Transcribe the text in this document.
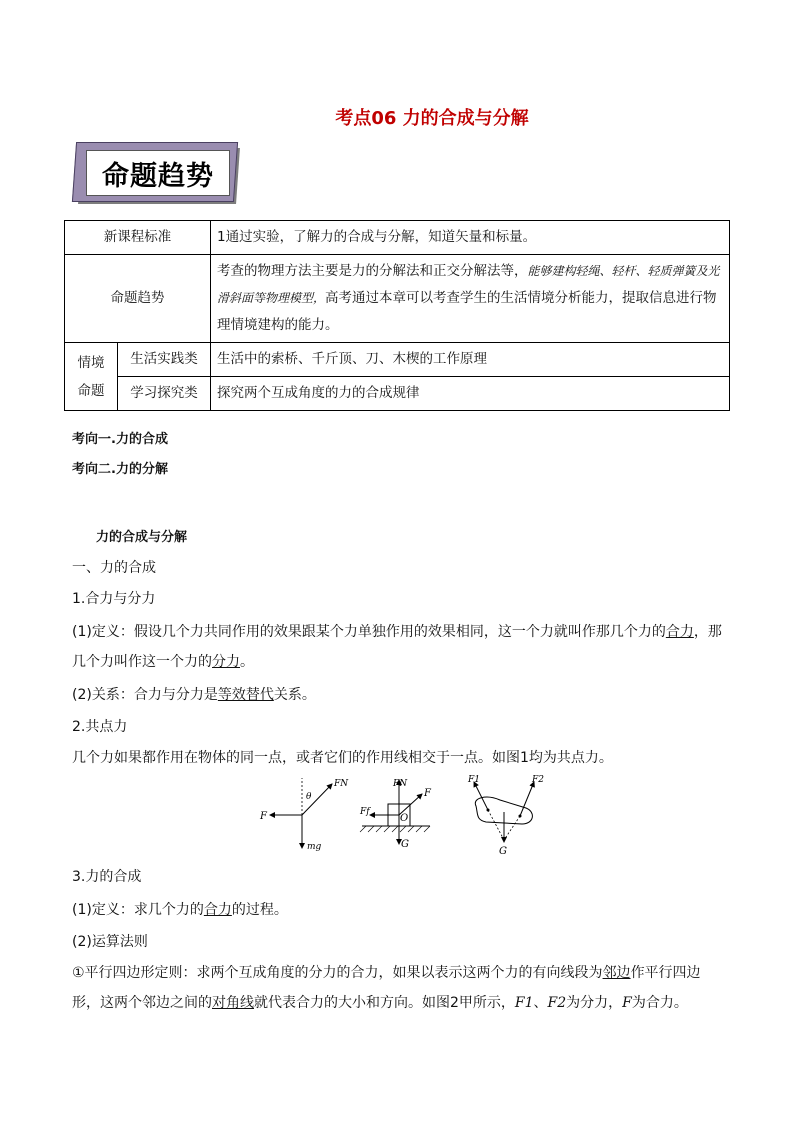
考点06 力的合成与分解
命题趋势
新课程标准		1通过实验，了解力的合成与分解，知道矢量和标量。
命题趋势		考查的物理方法主要是力的分解法和正交分解法等，能够建构轻绳、轻杆、轻质弹簧及光滑斜面等物理模型，高考通过本章可以考查学生的生活情境分析能力，提取信息进行物理情境建构的能力。
情境
命题	生活实践类	生活中的索桥、千斤顶、刀、木楔的工作原理
	学习探究类	探究两个互成角度的力的合成规律
考向一.力的合成
考向二.力的分解
力的合成与分解
一、力的合成
1.合力与分力
(1)定义：假设几个力共同作用的效果跟某个力单独作用的效果相同，这一个力就叫作那几个力的合力，那几个力叫作这一个力的分力。
(2)关系：合力与分力是等效替代关系。
2.共点力
几个力如果都作用在物体的同一点，或者它们的作用线相交于一点。如图1均为共点力。
F
FN
θ
mg
FN
F
Ff
O
G
F1	F2
G
3.力的合成
(1)定义：求几个力的合力的过程。
(2)运算法则
①平行四边形定则：求两个互成角度的分力的合力，如果以表示这两个力的有向线段为邻边作平行四边形，这两个邻边之间的对角线就代表合力的大小和方向。如图2甲所示，F1、F2为分力，F为合力。
